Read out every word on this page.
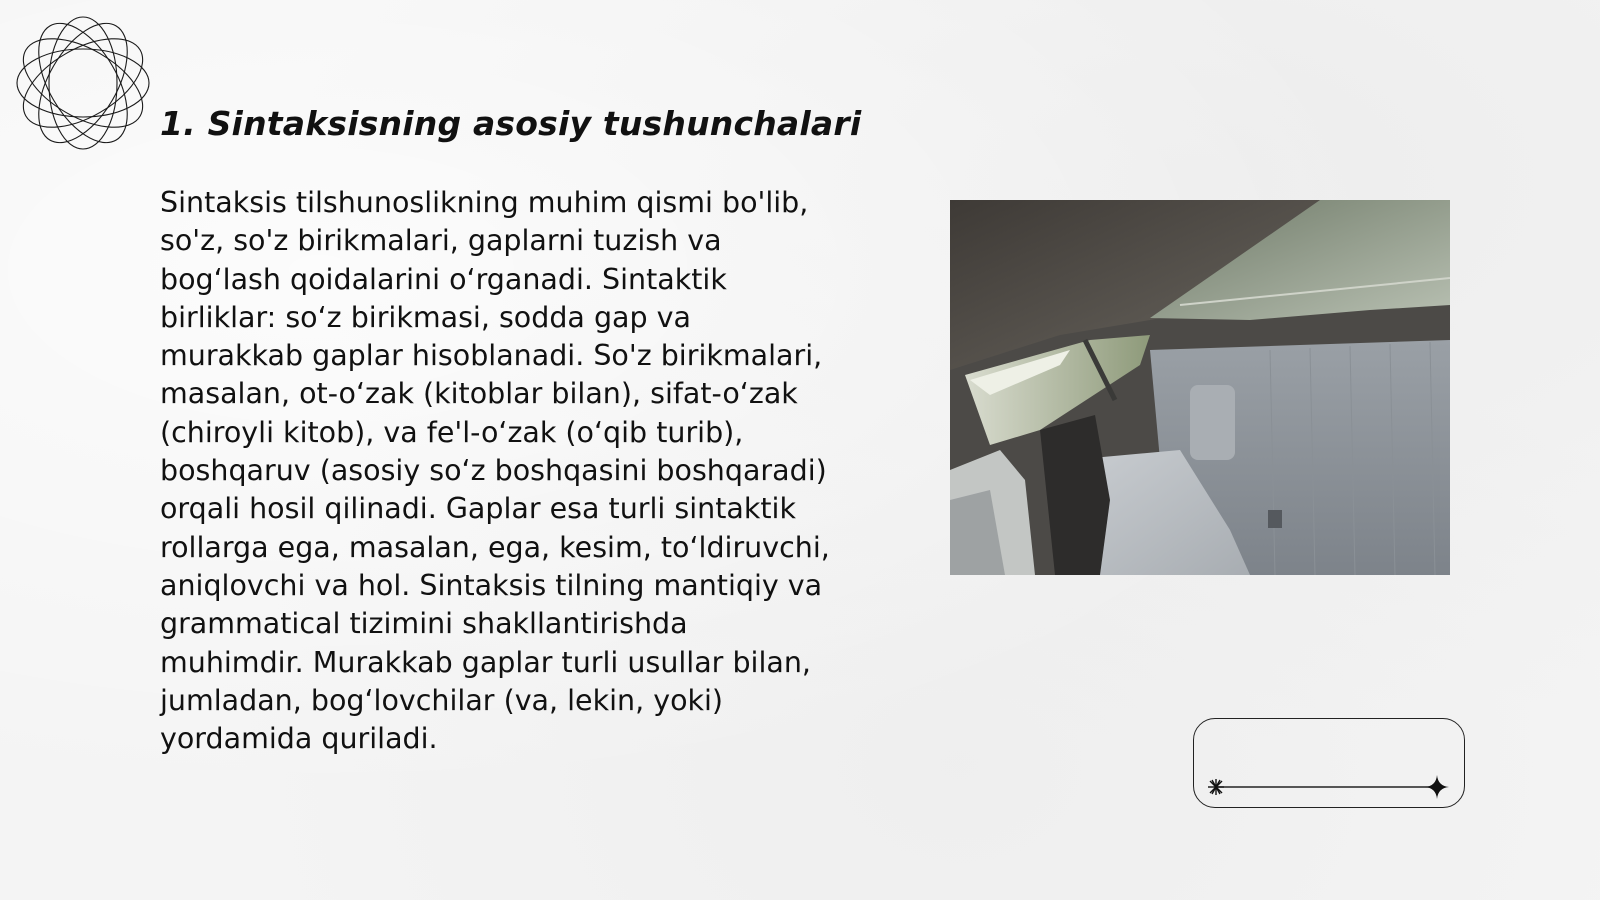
1. Sintaksisning asosiy tushunchalari

Sintaksis tilshunoslikning muhim qismi bo'lib, so'z, so'z birikmalari, gaplarni tuzish va bog‘lash qoidalarini o‘rganadi. Sintaktik birliklar: so‘z birikmasi, sodda gap va murakkab gaplar hisoblanadi. So'z birikmalari, masalan, ot-o‘zak (kitoblar bilan), sifat-o‘zak (chiroyli kitob), va fe'l-o‘zak (o‘qib turib), boshqaruv (asosiy so‘z boshqasini boshqaradi) orqali hosil qilinadi. Gaplar esa turli sintaktik rollarga ega, masalan, ega, kesim, to‘ldiruvchi, aniqlovchi va hol. Sintaksis tilning mantiqiy va grammatical tizimini shakllantirishda muhimdir. Murakkab gaplar turli usullar bilan, jumladan, bog‘lovchilar (va, lekin, yoki) yordamida quriladi.
